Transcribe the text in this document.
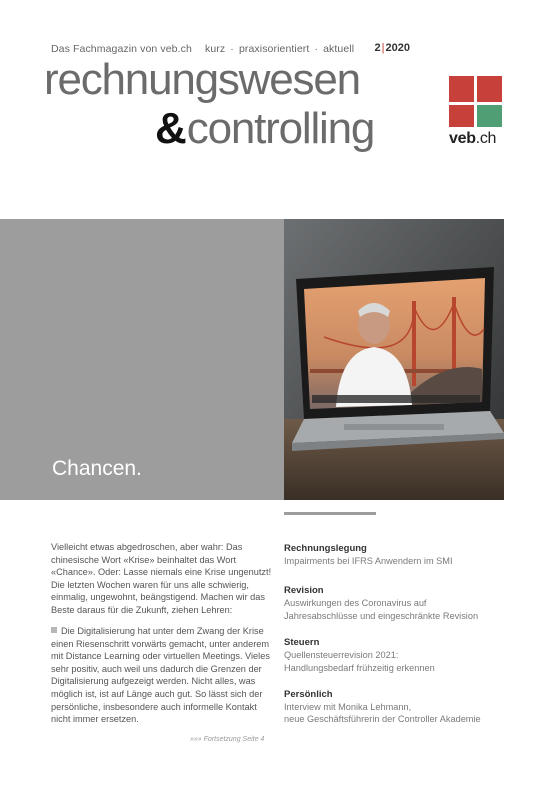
Das Fachmagazin von veb.ch kurz · praxisorientiert · aktuell 2|2020
rechnungswesen
&controlling	veb.ch
Chancen.

Vielleicht etwas abgedroschen, aber wahr: Das chinesische Wort «Krise» beinhaltet das Wort «Chance». Oder: Lasse niemals eine Krise ungenutzt!

Die letzten Wochen waren für uns alle schwierig, einmalig, ungewohnt, beängstigend. Machen wir das Beste daraus für die Zukunft, ziehen Lehren:

Die Digitalisierung hat unter dem Zwang der Krise einen Riesenschritt vorwärts gemacht, unter anderem mit Distance Learning oder virtuellen Meetings. Vieles sehr positiv, auch weil uns dadurch die Grenzen der Digitalisierung aufgezeigt werden. Nicht alles, was möglich ist, ist auf Länge auch gut. So lässt sich der persönliche, insbesondere auch informelle Kontakt nicht immer ersetzen.
»»» Fortsetzung Seite 4
Rechnungslegung
Impairments bei IFRS Anwendern im SMI
Revision
Auswirkungen des Coronavirus auf
Jahresabschlüsse und eingeschränkte Revision
Steuern
Quellensteuerrevision 2021:
Handlungsbedarf frühzeitig erkennen
Persönlich
Interview mit Monika Lehmann,
neue Geschäftsführerin der Controller Akademie
